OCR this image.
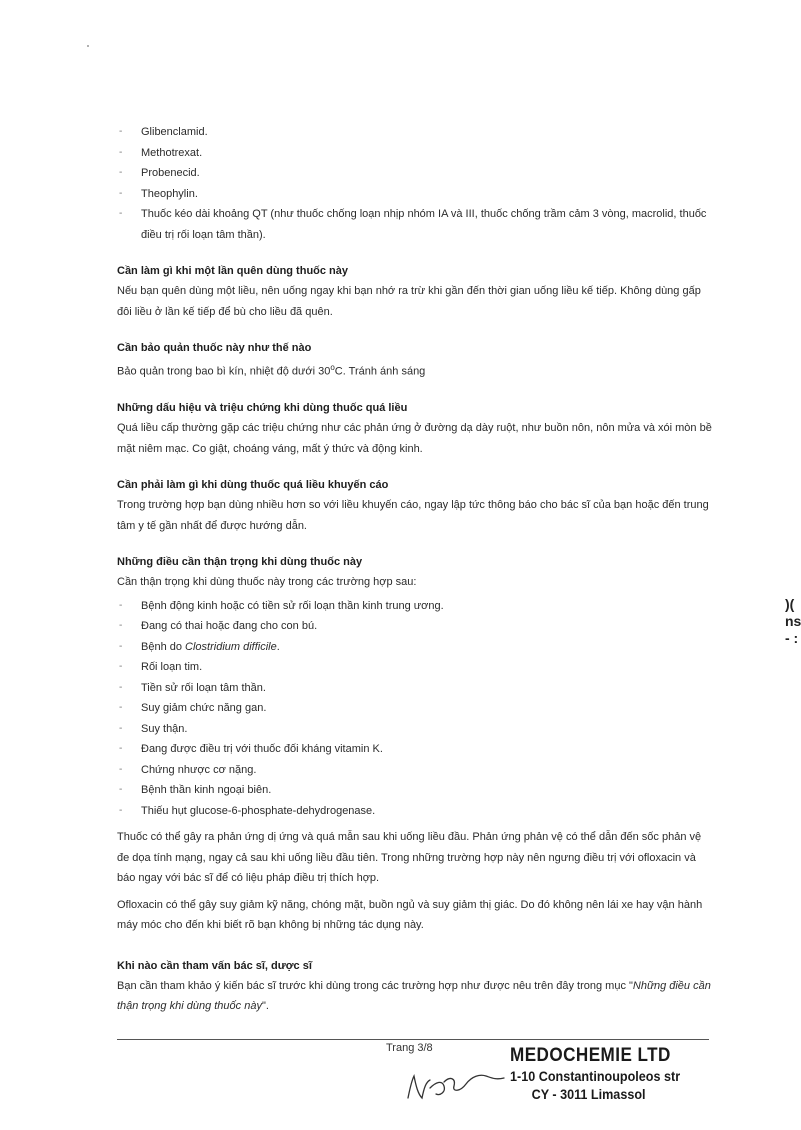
- Glibenclamid.
- Methotrexat.
- Probenecid.
- Theophylin.
- Thuốc kéo dài khoảng QT (như thuốc chống loạn nhịp nhóm IA và III, thuốc chống trầm cảm 3 vòng, macrolid, thuốc điều trị rối loạn tâm thần).
Cần làm gì khi một lần quên dùng thuốc này

Nếu bạn quên dùng một liều, nên uống ngay khi bạn nhớ ra trừ khi gần đến thời gian uống liều kế tiếp. Không dùng gấp đôi liều ở lần kế tiếp để bù cho liều đã quên.

Cần bảo quản thuốc này như thế nào

Bảo quản trong bao bì kín, nhiệt độ dưới 30$^o$C. Tránh ánh sáng

Những dấu hiệu và triệu chứng khi dùng thuốc quá liều

Quá liều cấp thường gặp các triệu chứng như các phản ứng ở đường dạ dày ruột, như buồn nôn, nôn mửa và xói mòn bề mặt niêm mạc. Co giật, choáng váng, mất ý thức và động kinh.

Cần phải làm gì khi dùng thuốc quá liều khuyến cáo

Trong trường hợp bạn dùng nhiều hơn so với liều khuyến cáo, ngay lập tức thông báo cho bác sĩ của bạn hoặc đến trung tâm y tế gần nhất để được hướng dẫn.

Những điều cần thận trọng khi dùng thuốc này

Cần thận trọng khi dùng thuốc này trong các trường hợp sau:

- Bệnh động kinh hoặc có tiền sử rối loạn thần kinh trung ương.
- Đang có thai hoặc đang cho con bú.
- Bệnh do Clostridium difficile.
- Rối loạn tim.
- Tiền sử rối loạn tâm thần.
- Suy giảm chức năng gan.
- Suy thận.
- Đang được điều trị với thuốc đối kháng vitamin K.
- Chứng nhược cơ nặng.
- Bệnh thần kinh ngoại biên.
- Thiếu hụt glucose-6-phosphate-dehydrogenase.

Thuốc có thể gây ra phản ứng dị ứng và quá mẫn sau khi uống liều đầu. Phản ứng phản vệ có thể dẫn đến sốc phản vệ đe dọa tính mạng, ngay cả sau khi uống liều đầu tiên. Trong những trường hợp này nên ngưng điều trị với ofloxacin và báo ngay với bác sĩ để có liệu pháp điều trị thích hợp.

Ofloxacin có thể gây suy giảm kỹ năng, chóng mặt, buồn ngủ và suy giảm thị giác. Do đó không nên lái xe hay vận hành máy móc cho đến khi biết rõ bạn không bị những tác dụng này.

Khi nào cần tham vấn bác sĩ, dược sĩ

Bạn cần tham khảo ý kiến bác sĩ trước khi dùng trong các trường hợp như được nêu trên đây trong mục "Những điều cần thận trọng khi dùng thuốc này".

Trang 3/8	MEDOCHEMIE LTD
1-10 Constantinoupoleos str
CY - 3011 Limassol
)(
ns
- :
